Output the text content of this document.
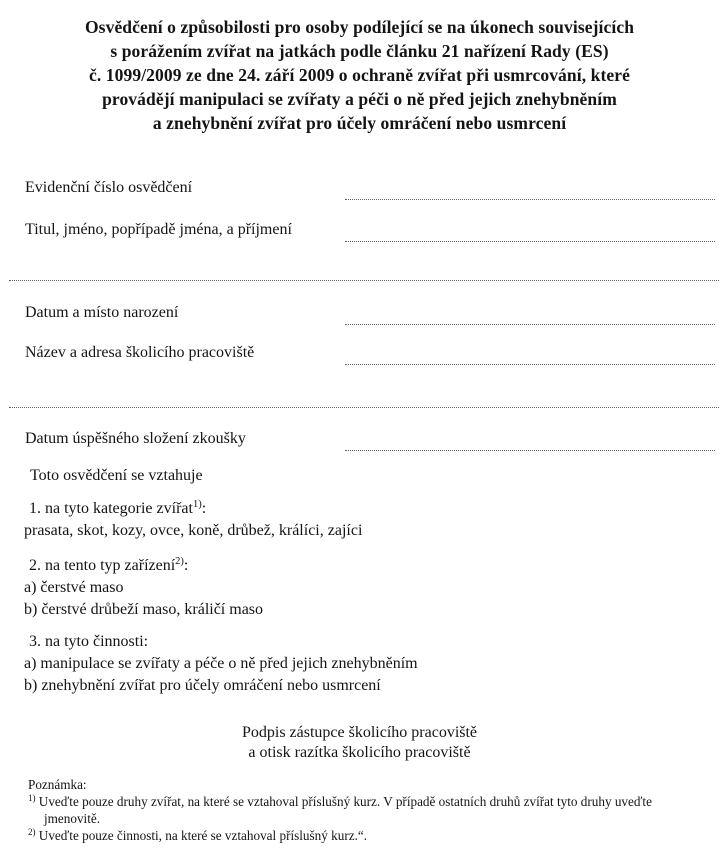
Osvědčení o způsobilosti pro osoby podílející se na úkonech souvisejících
s porážením zvířat na jatkách podle článku 21 nařízení Rady (ES)
č. 1099/2009 ze dne 24. září 2009 o ochraně zvířat při usmrcování, které
provádějí manipulaci se zvířaty a péči o ně před jejich znehybněním
a znehybnění zvířat pro účely omráčení nebo usmrcení
Evidenční číslo osvědčení
Titul, jméno, popřípadě jména, a příjmení
Datum a místo narození
Název a adresa školicího pracoviště
Datum úspěšného složení zkoušky
Toto osvědčení se vztahuje
1. na tyto kategorie zvířat$^{1)}$:
prasata, skot, kozy, ovce, koně, drůbež, králíci, zajíci
2. na tento typ zařízení$^{2)}$:
a) čerstvé maso
b) čerstvé drůbeží maso, králičí maso
3. na tyto činnosti:
a) manipulace se zvířaty a péče o ně před jejich znehybněním
b) znehybnění zvířat pro účely omráčení nebo usmrcení
Podpis zástupce školicího pracoviště
a otisk razítka školicího pracoviště
Poznámka:
$^{1)}$ Uveďte pouze druhy zvířat, na které se vztahoval příslušný kurz. V případě ostatních druhů zvířat tyto druhy uveďte jmenovitě.
$^{2)}$ Uveďte pouze činnosti, na které se vztahoval příslušný kurz.“.
